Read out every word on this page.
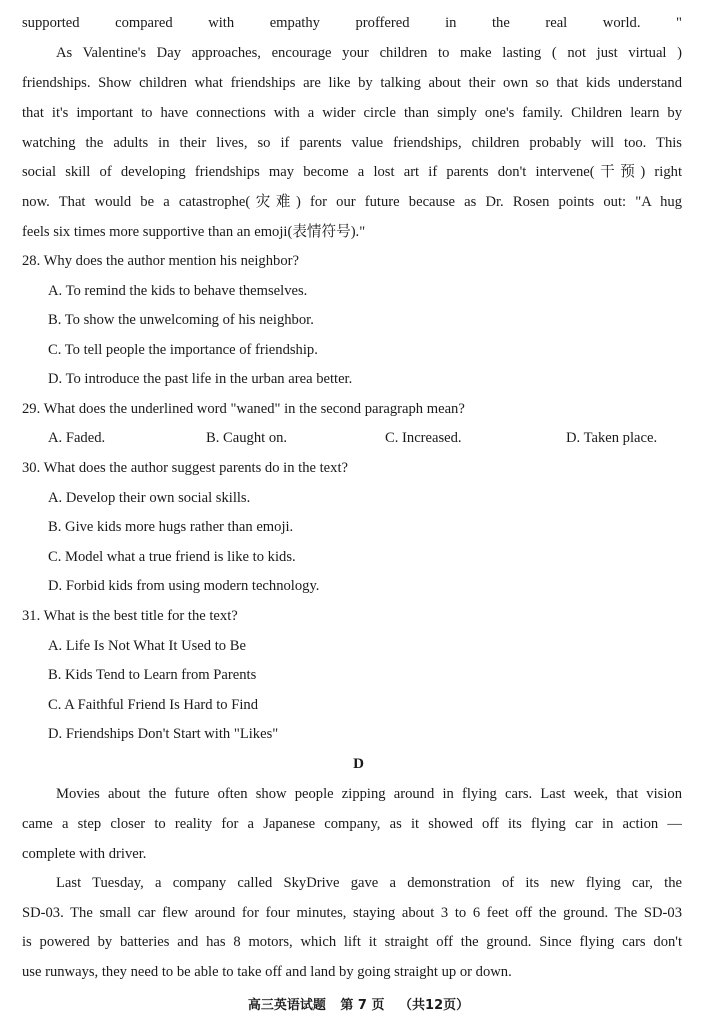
supported compared with empathy proffered in the real world. "
As Valentine's Day approaches, encourage your children to make lasting ( not just virtual )
friendships. Show children what friendships are like by talking about their own so that kids understand
that it's important to have connections with a wider circle than simply one's family. Children learn by
watching the adults in their lives, so if parents value friendships, children probably will too. This
social skill of developing friendships may become a lost art if parents don't intervene(干预) right
now. That would be a catastrophe(灾难) for our future because as Dr. Rosen points out: "A hug
feels six times more supportive than an emoji(表情符号)."
28. Why does the author mention his neighbor?
A. To remind the kids to behave themselves.
B. To show the unwelcoming of his neighbor.
C. To tell people the importance of friendship.
D. To introduce the past life in the urban area better.
29. What does the underlined word "waned" in the second paragraph mean?
A. Faded.	B. Caught on.	C. Increased.	D. Taken place.
30. What does the author suggest parents do in the text?
A. Develop their own social skills.
B. Give kids more hugs rather than emoji.
C. Model what a true friend is like to kids.
D. Forbid kids from using modern technology.
31. What is the best title for the text?
A. Life Is Not What It Used to Be
B. Kids Tend to Learn from Parents
C. A Faithful Friend Is Hard to Find
D. Friendships Don't Start with "Likes"
D
Movies about the future often show people zipping around in flying cars. Last week, that vision
came a step closer to reality for a Japanese company, as it showed off its flying car in action —
complete with driver.
Last Tuesday, a company called SkyDrive gave a demonstration of its new flying car, the
SD-03. The small car flew around for four minutes, staying about 3 to 6 feet off the ground. The SD-03
is powered by batteries and has 8 motors, which lift it straight off the ground. Since flying cars don't
use runways, they need to be able to take off and land by going straight up or down.
高三英语试题 第 7 页 （共12页）
